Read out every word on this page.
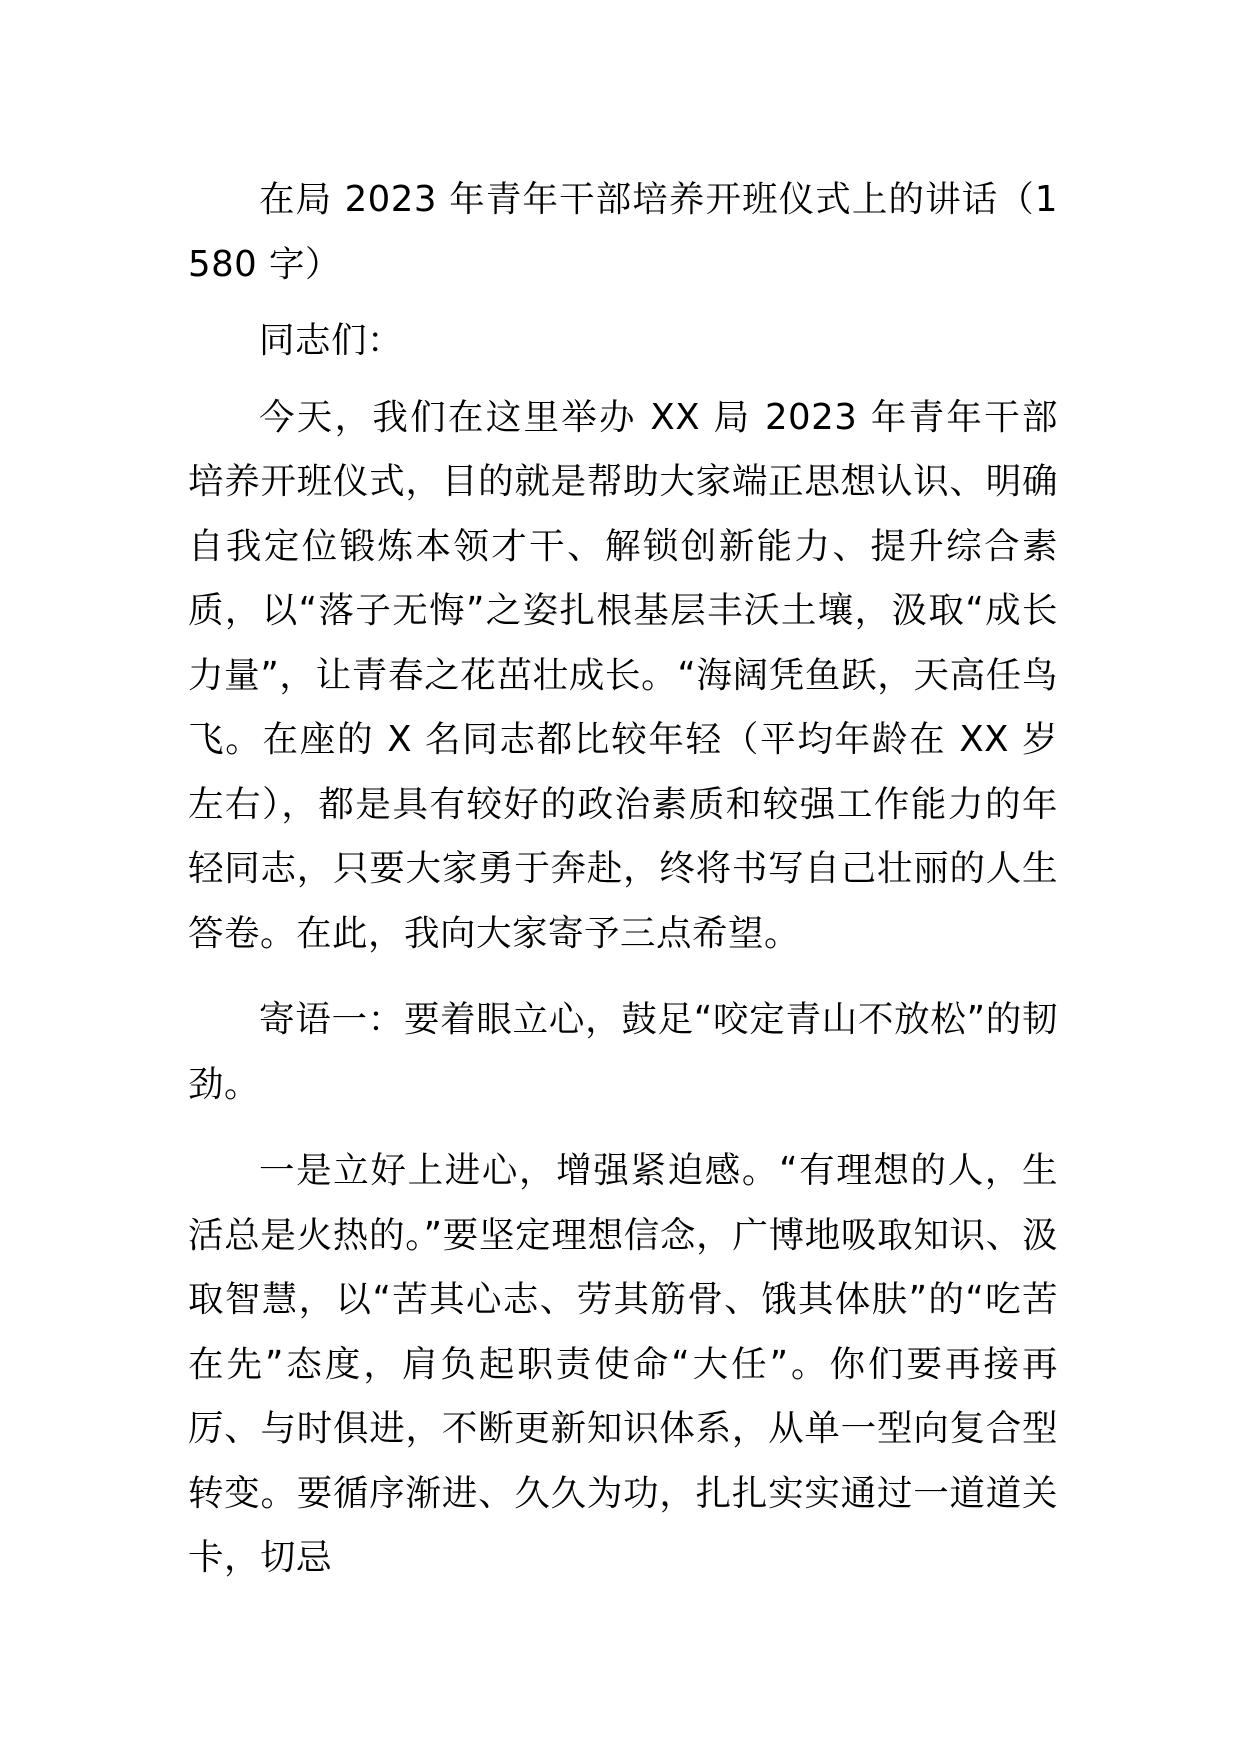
在局 2023 年青年干部培养开班仪式上的讲话（1580 字）

同志们：

今天，我们在这里举办 XX 局 2023 年青年干部培养开班仪式，目的就是帮助大家端正思想认识、明确自我定位锻炼本领才干、解锁创新能力、提升综合素质，以“落子无悔”之姿扎根基层丰沃土壤，汲取“成长力量”，让青春之花茁壮成长。“海阔凭鱼跃，天高任鸟飞。在座的 X 名同志都比较年轻（平均年龄在 XX 岁左右），都是具有较好的政治素质和较强工作能力的年轻同志，只要大家勇于奔赴，终将书写自己壮丽的人生答卷。在此，我向大家寄予三点希望。

寄语一：要着眼立心，鼓足“咬定青山不放松”的韧劲。

一是立好上进心，增强紧迫感。“有理想的人，生活总是火热的。”要坚定理想信念，广博地吸取知识、汲取智慧，以“苦其心志、劳其筋骨、饿其体肤”的“吃苦在先”态度，肩负起职责使命“大任”。你们要再接再厉、与时俱进，不断更新知识体系，从单一型向复合型转变。要循序渐进、久久为功，扎扎实实通过一道道关卡，切忌
